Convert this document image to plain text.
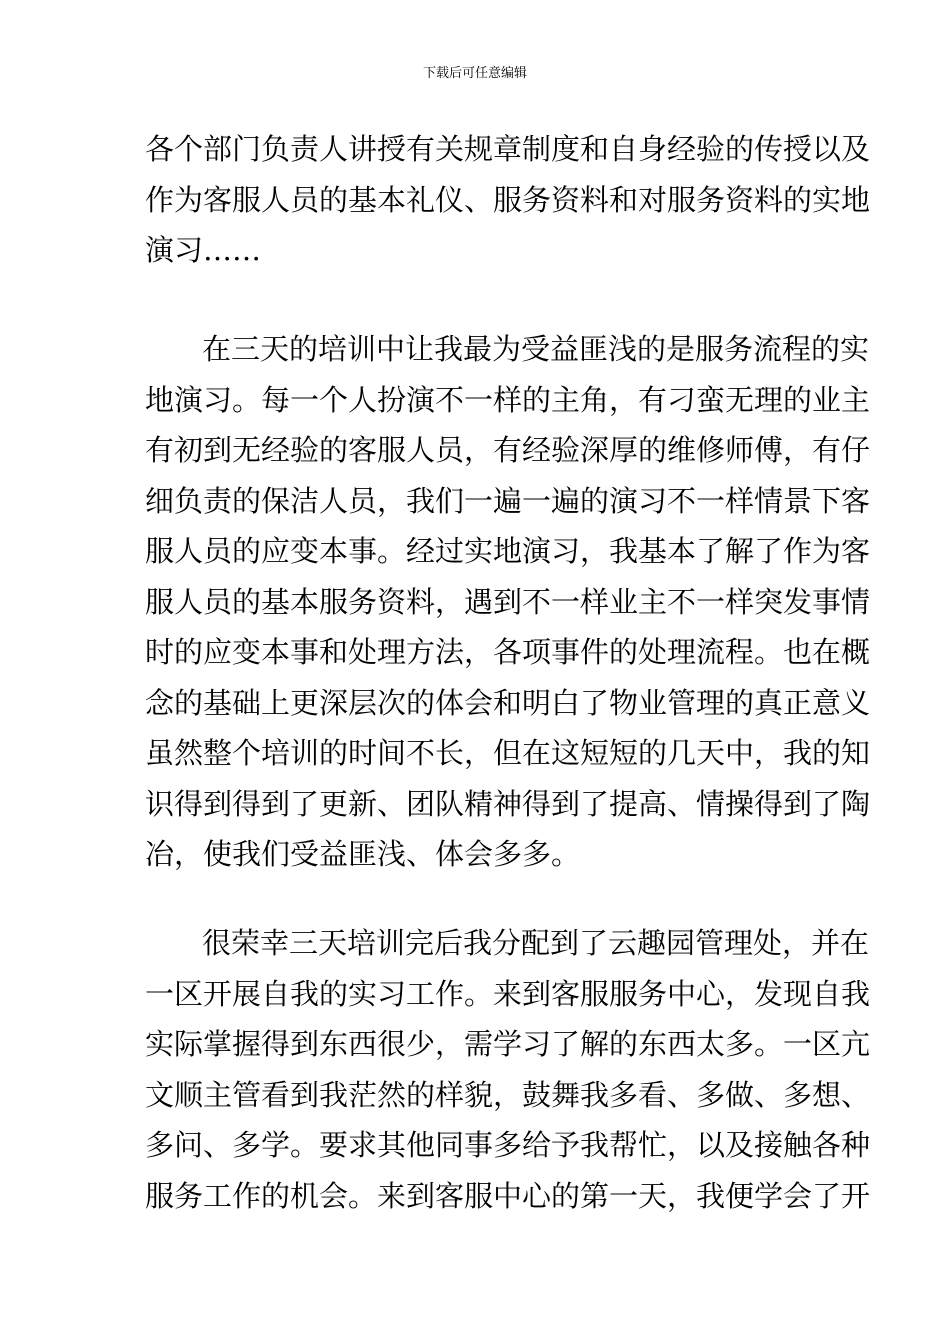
下载后可任意编辑
各个部门负责人讲授有关规章制度和自身经验的传授以及
作为客服人员的基本礼仪、服务资料和对服务资料的实地
演习……
在三天的培训中让我最为受益匪浅的是服务流程的实
地演习。每一个人扮演不一样的主角，有刁蛮无理的业主
有初到无经验的客服人员，有经验深厚的维修师傅，有仔
细负责的保洁人员，我们一遍一遍的演习不一样情景下客
服人员的应变本事。经过实地演习，我基本了解了作为客
服人员的基本服务资料，遇到不一样业主不一样突发事情
时的应变本事和处理方法，各项事件的处理流程。也在概
念的基础上更深层次的体会和明白了物业管理的真正意义
虽然整个培训的时间不长，但在这短短的几天中，我的知
识得到得到了更新、团队精神得到了提高、情操得到了陶
冶，使我们受益匪浅、体会多多。
很荣幸三天培训完后我分配到了云趣园管理处，并在
一区开展自我的实习工作。来到客服服务中心，发现自我
实际掌握得到东西很少，需学习了解的东西太多。一区亢
文顺主管看到我茫然的样貌，鼓舞我多看、多做、多想、
多问、多学。要求其他同事多给予我帮忙，以及接触各种
服务工作的机会。来到客服中心的第一天，我便学会了开
